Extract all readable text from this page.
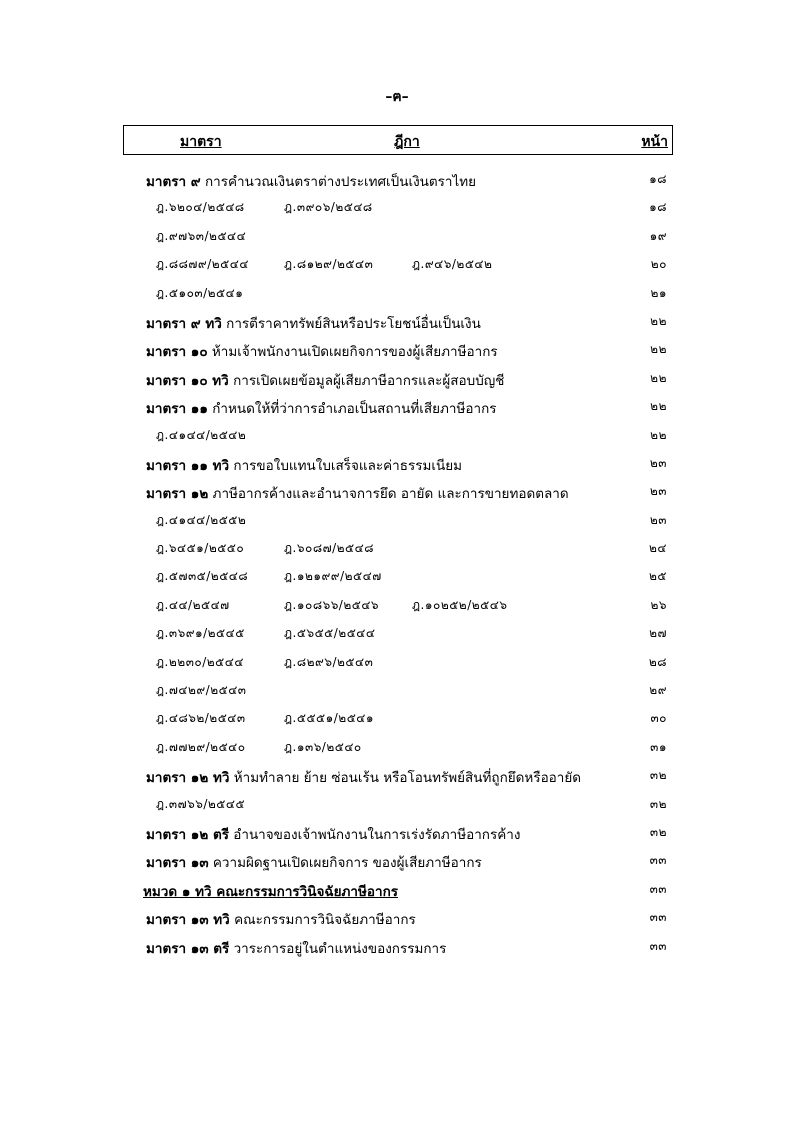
–ฅ–
มาตรา	ฎีกา	หน้า
มาตรา ๙ การคำนวณเงินตราต่างประเทศเป็นเงินตราไทย	๑๘
ฎ.๖๒๐๔/๒๕๔๘	ฎ.๓๙๐๖/๒๕๔๘	๑๘
ฎ.๙๗๖๓/๒๕๔๔	๑๙
ฎ.๘๘๗๙/๒๕๔๔	ฎ.๘๑๒๙/๒๕๔๓	ฎ.๙๔๖/๒๕๔๒	๒๐
ฎ.๕๑๐๓/๒๕๔๑	๒๑
มาตรา ๙ ทวิ การตีราคาทรัพย์สินหรือประโยชน์อื่นเป็นเงิน	๒๒
มาตรา ๑๐ ห้ามเจ้าพนักงานเปิดเผยกิจการของผู้เสียภาษีอากร	๒๒
มาตรา ๑๐ ทวิ การเปิดเผยข้อมูลผู้เสียภาษีอากรและผู้สอบบัญชี	๒๒
มาตรา ๑๑ กำหนดให้ที่ว่าการอำเภอเป็นสถานที่เสียภาษีอากร	๒๒
ฎ.๔๑๔๔/๒๕๔๒	๒๒
มาตรา ๑๑ ทวิ การขอใบแทนใบเสร็จและค่าธรรมเนียม	๒๓
มาตรา ๑๒ ภาษีอากรค้างและอำนาจการยึด อายัด และการขายทอดตลาด	๒๓
ฎ.๔๑๔๔/๒๕๕๒	๒๓
ฎ.๖๔๕๑/๒๕๕๐	ฎ.๖๐๘๗/๒๕๔๘	๒๔
ฎ.๕๗๓๕/๒๕๔๘	ฎ.๑๒๑๙๙/๒๕๔๗	๒๕
ฎ.๔๔/๒๕๔๗	ฎ.๑๐๘๖๖/๒๕๔๖	ฎ.๑๐๒๕๒/๒๕๔๖	๒๖
ฎ.๓๖๙๑/๒๕๔๕	ฎ.๕๖๕๕/๒๕๔๔	๒๗
ฎ.๒๒๓๐/๒๕๔๔	ฎ.๘๒๙๖/๒๕๔๓	๒๘
ฎ.๗๔๒๙/๒๕๔๓	๒๙
ฎ.๔๘๖๒/๒๕๔๓	ฎ.๕๕๕๑/๒๕๔๑	๓๐
ฎ.๗๗๒๙/๒๕๔๐	ฎ.๑๓๖/๒๕๔๐	๓๑
มาตรา ๑๒ ทวิ ห้ามทำลาย ย้าย ซ่อนเร้น หรือโอนทรัพย์สินที่ถูกยึดหรืออายัด	๓๒
ฎ.๓๗๖๖/๒๕๔๕	๓๒
มาตรา ๑๒ ตรี อำนาจของเจ้าพนักงานในการเร่งรัดภาษีอากรค้าง	๓๒
มาตรา ๑๓ ความผิดฐานเปิดเผยกิจการ ของผู้เสียภาษีอากร	๓๓
หมวด ๑ ทวิ คณะกรรมการวินิจฉัยภาษีอากร	๓๓
มาตรา ๑๓ ทวิ คณะกรรมการวินิจฉัยภาษีอากร	๓๓
มาตรา ๑๓ ตรี วาระการอยู่ในตำแหน่งของกรรมการ	๓๓
